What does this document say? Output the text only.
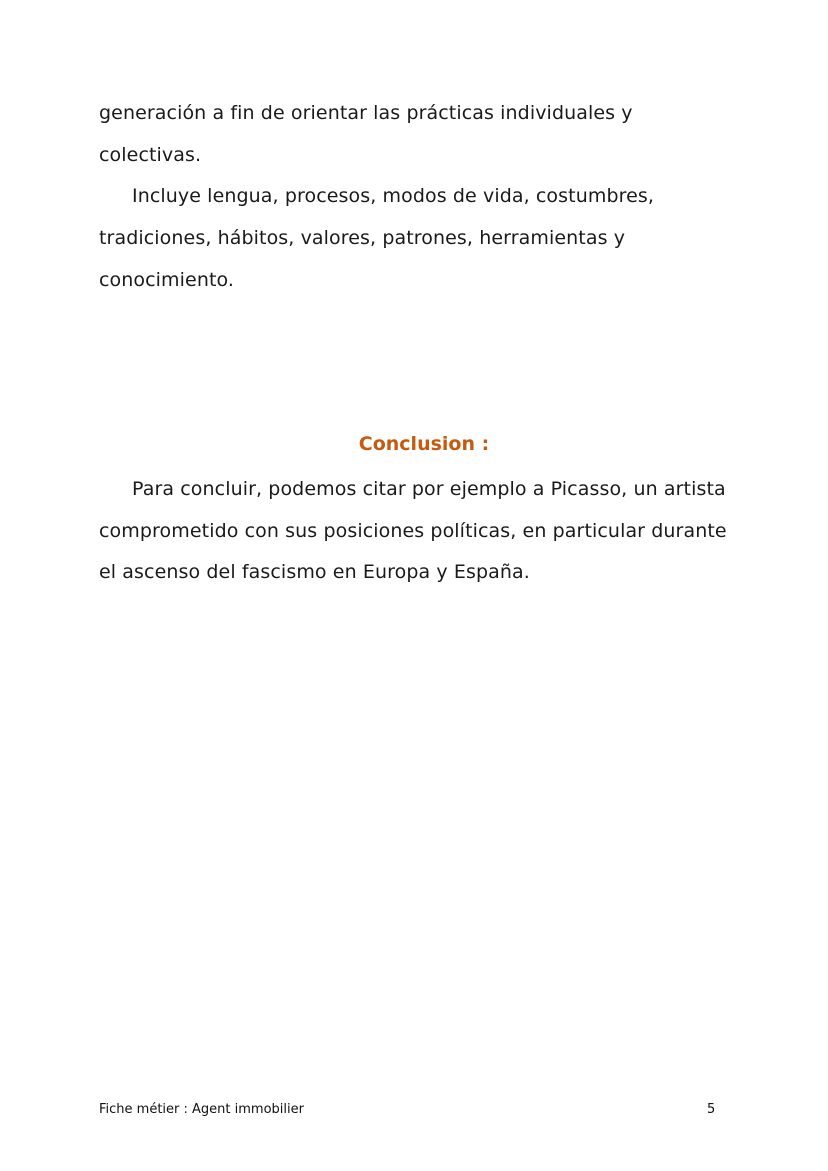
generación a fin de orientar las prácticas individuales y colectivas.

Incluye lengua, procesos, modos de vida, costumbres, tradiciones, hábitos, valores, patrones, herramientas y conocimiento.

Conclusion :

Para concluir, podemos citar por ejemplo a Picasso, un artista comprometido con sus posiciones políticas, en particular durante el ascenso del fascismo en Europa y España.

Fiche métier : Agent immobilier	5
